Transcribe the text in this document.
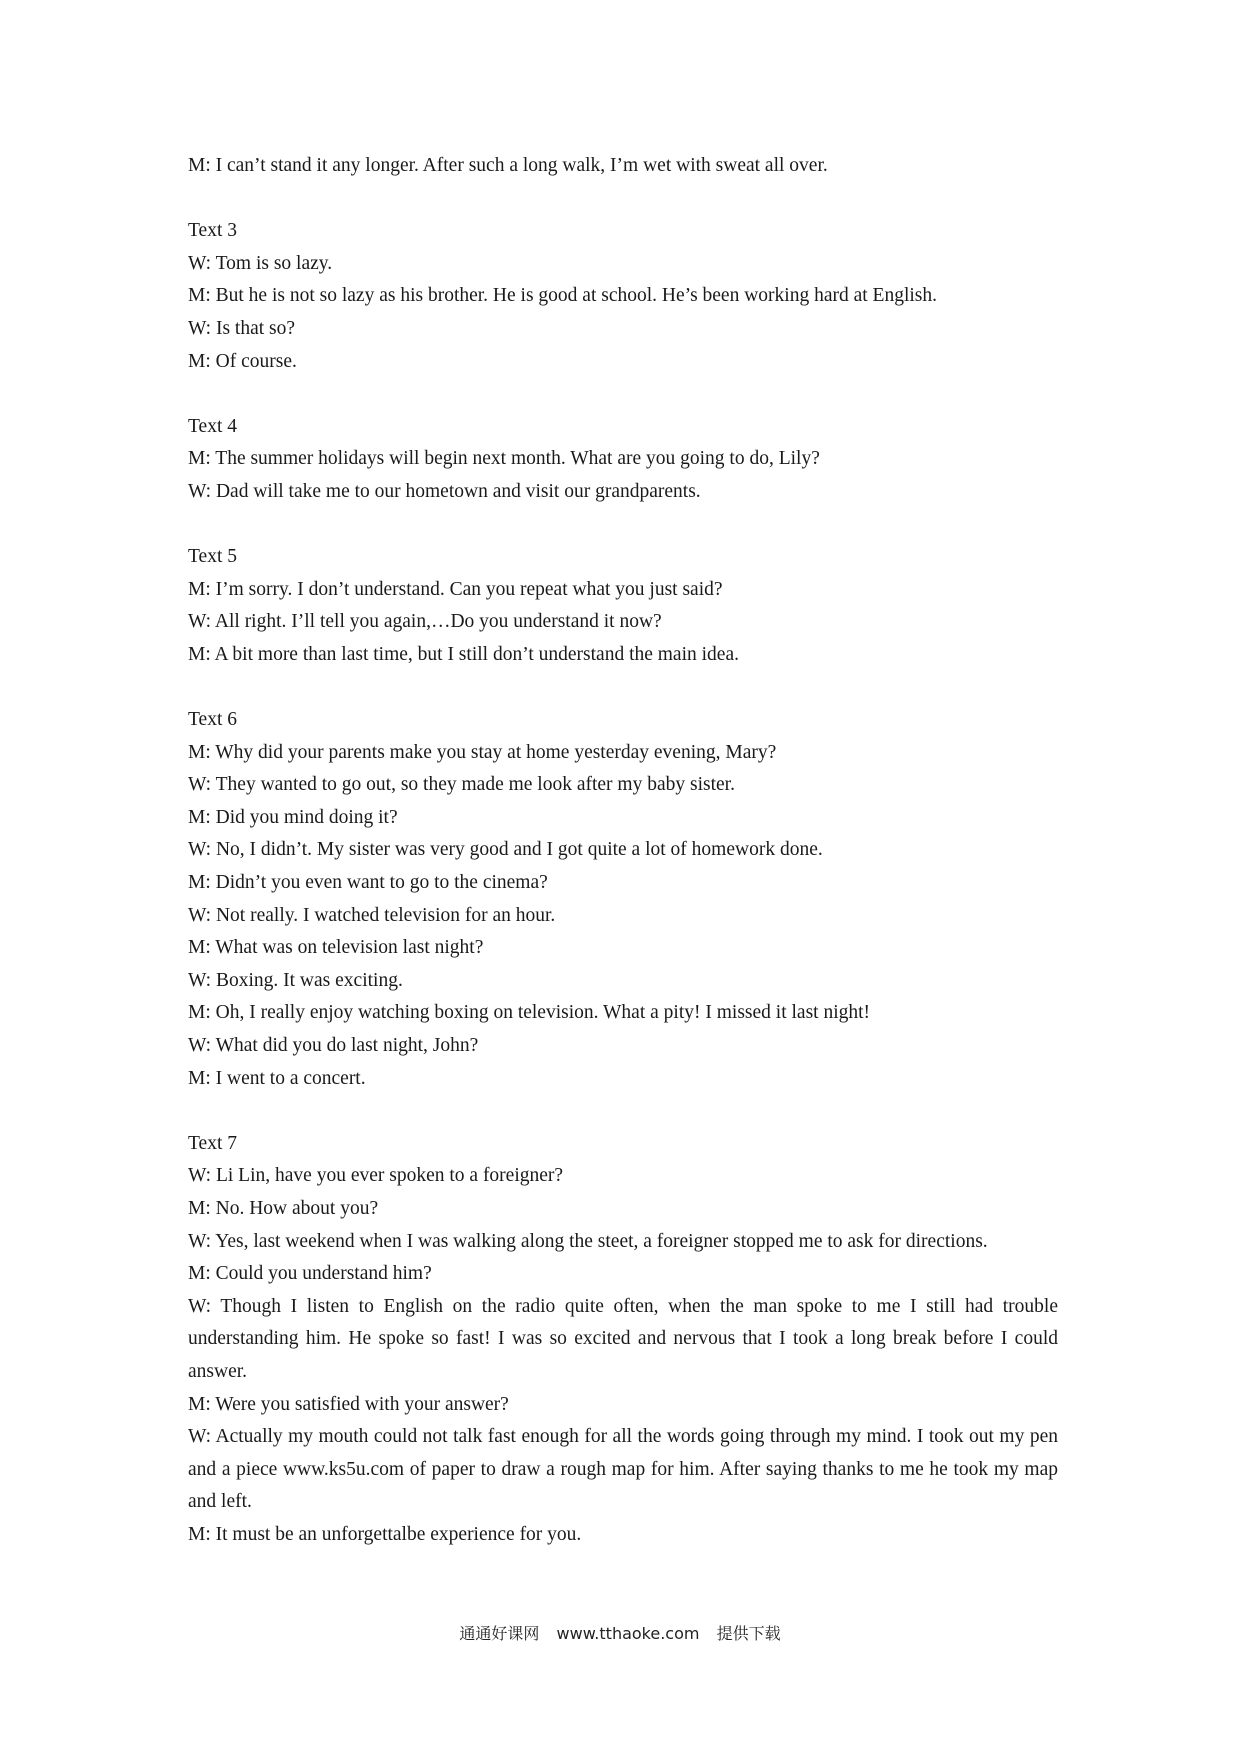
M: I can’t stand it any longer. After such a long walk, I’m wet with sweat all over.

Text 3

W: Tom is so lazy.

M: But he is not so lazy as his brother. He is good at school. He’s been working hard at English.

W: Is that so?

M: Of course.

Text 4

M: The summer holidays will begin next month. What are you going to do, Lily?

W: Dad will take me to our hometown and visit our grandparents.

Text 5

M: I’m sorry. I don’t understand. Can you repeat what you just said?

W: All right. I’ll tell you again,…Do you understand it now?

M: A bit more than last time, but I still don’t understand the main idea.

Text 6

M: Why did your parents make you stay at home yesterday evening, Mary?

W: They wanted to go out, so they made me look after my baby sister.

M: Did you mind doing it?

W: No, I didn’t. My sister was very good and I got quite a lot of homework done.

M: Didn’t you even want to go to the cinema?

W: Not really. I watched television for an hour.

M: What was on television last night?

W: Boxing. It was exciting.

M: Oh, I really enjoy watching boxing on television. What a pity! I missed it last night!

W: What did you do last night, John?

M: I went to a concert.

Text 7

W: Li Lin, have you ever spoken to a foreigner?

M: No. How about you?

W: Yes, last weekend when I was walking along the steet, a foreigner stopped me to ask for directions.

M: Could you understand him?

W: Though I listen to English on the radio quite often, when the man spoke to me I still had trouble understanding him. He spoke so fast! I was so excited and nervous that I took a long break before I could answer.

M: Were you satisfied with your answer?

W: Actually my mouth could not talk fast enough for all the words going through my mind. I took out my pen and a piece www.ks5u.com of paper to draw a rough map for him. After saying thanks to me he took my map and left.

M: It must be an unforgettalbe experience for you.

通通好课网 www.tthaoke.com 提供下载
